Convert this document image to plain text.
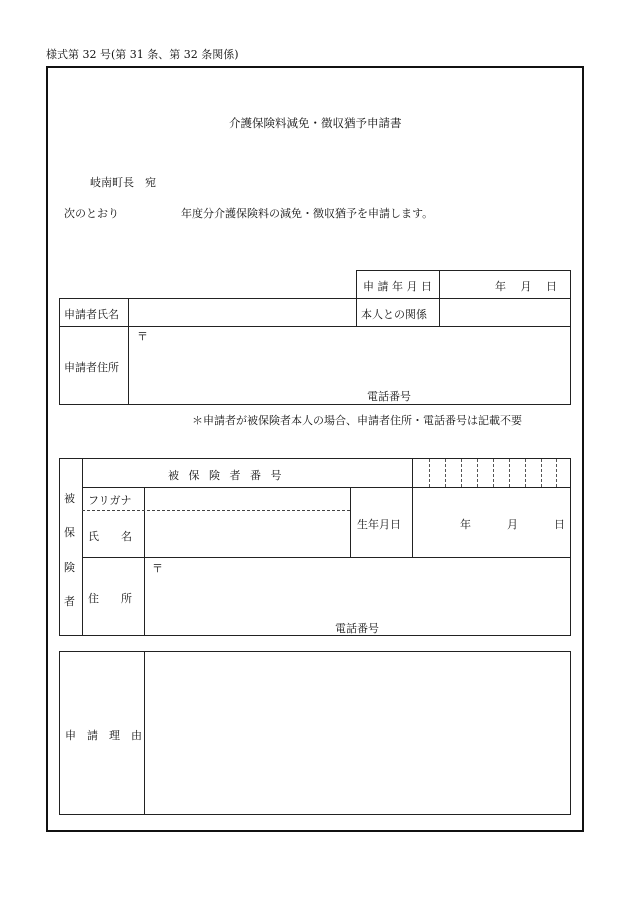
様式第 32 号(第 31 条、第 32 条関係)
介護保険料減免・徴収猶予申請書
岐南町長　宛
次のとおり	年度分介護保険料の減免・徴収猶予を申請します。
申 請 年 月 日	年　 月　 日
申請者氏名	本人との関係
申請者住所
〒
電話番号
＊申請者が被保険者本人の場合、申請者住所・電話番号は記載不要
被
保
険
者
被 保 険 者 番 号
フリガナ
氏　　名
生年月日	年	月	日
住　　所
〒
電話番号
申　請　理　由
